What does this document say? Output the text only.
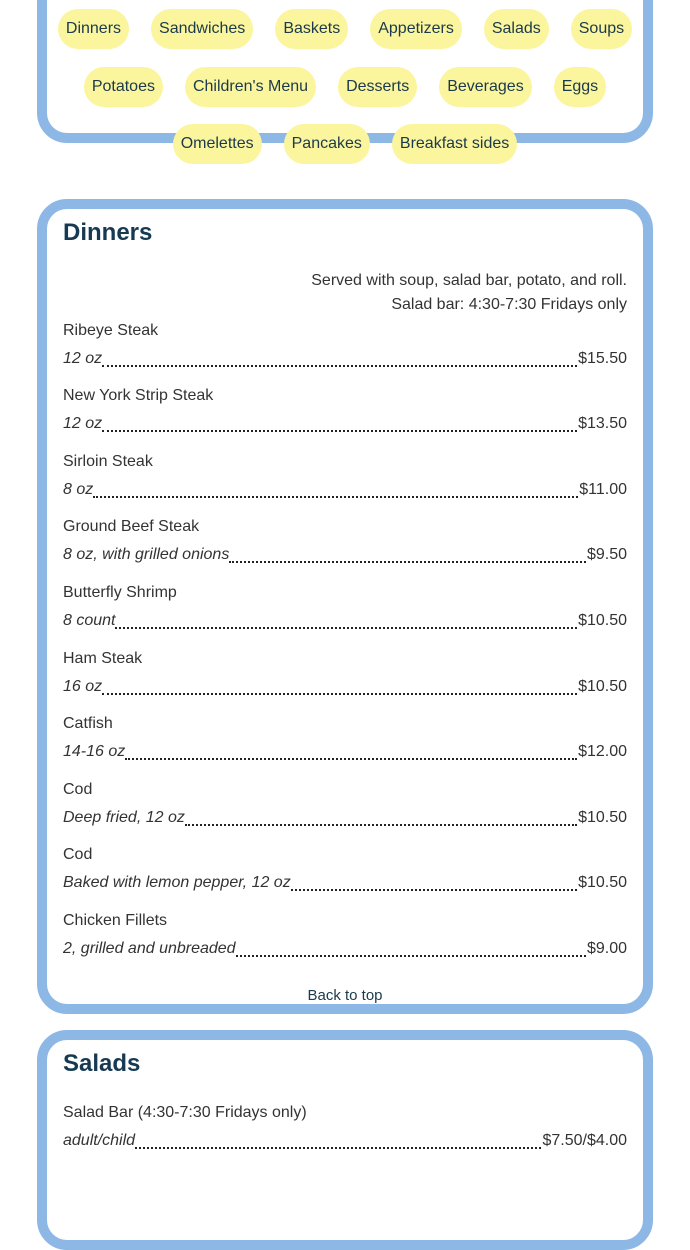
Dinners	Sandwiches	Baskets	Appetizers	Salads	Soups
Potatoes	Children's Menu	Desserts	Beverages	Eggs
Omelettes	Pancakes	Breakfast sides
Dinners
Served with soup, salad bar, potato, and roll.
Salad bar: 4:30-7:30 Fridays only
Ribeye Steak
12 oz	$15.50
New York Strip Steak
12 oz	$13.50
Sirloin Steak
8 oz	$11.00
Ground Beef Steak
8 oz, with grilled onions	$9.50
Butterfly Shrimp
8 count	$10.50
Ham Steak
16 oz	$10.50
Catfish
14-16 oz	$12.00
Cod
Deep fried, 12 oz	$10.50
Cod
Baked with lemon pepper, 12 oz	$10.50
Chicken Fillets
2, grilled and unbreaded	$9.00
Back to top
Salads
Salad Bar (4:30-7:30 Fridays only)
adult/child	$7.50/$4.00
